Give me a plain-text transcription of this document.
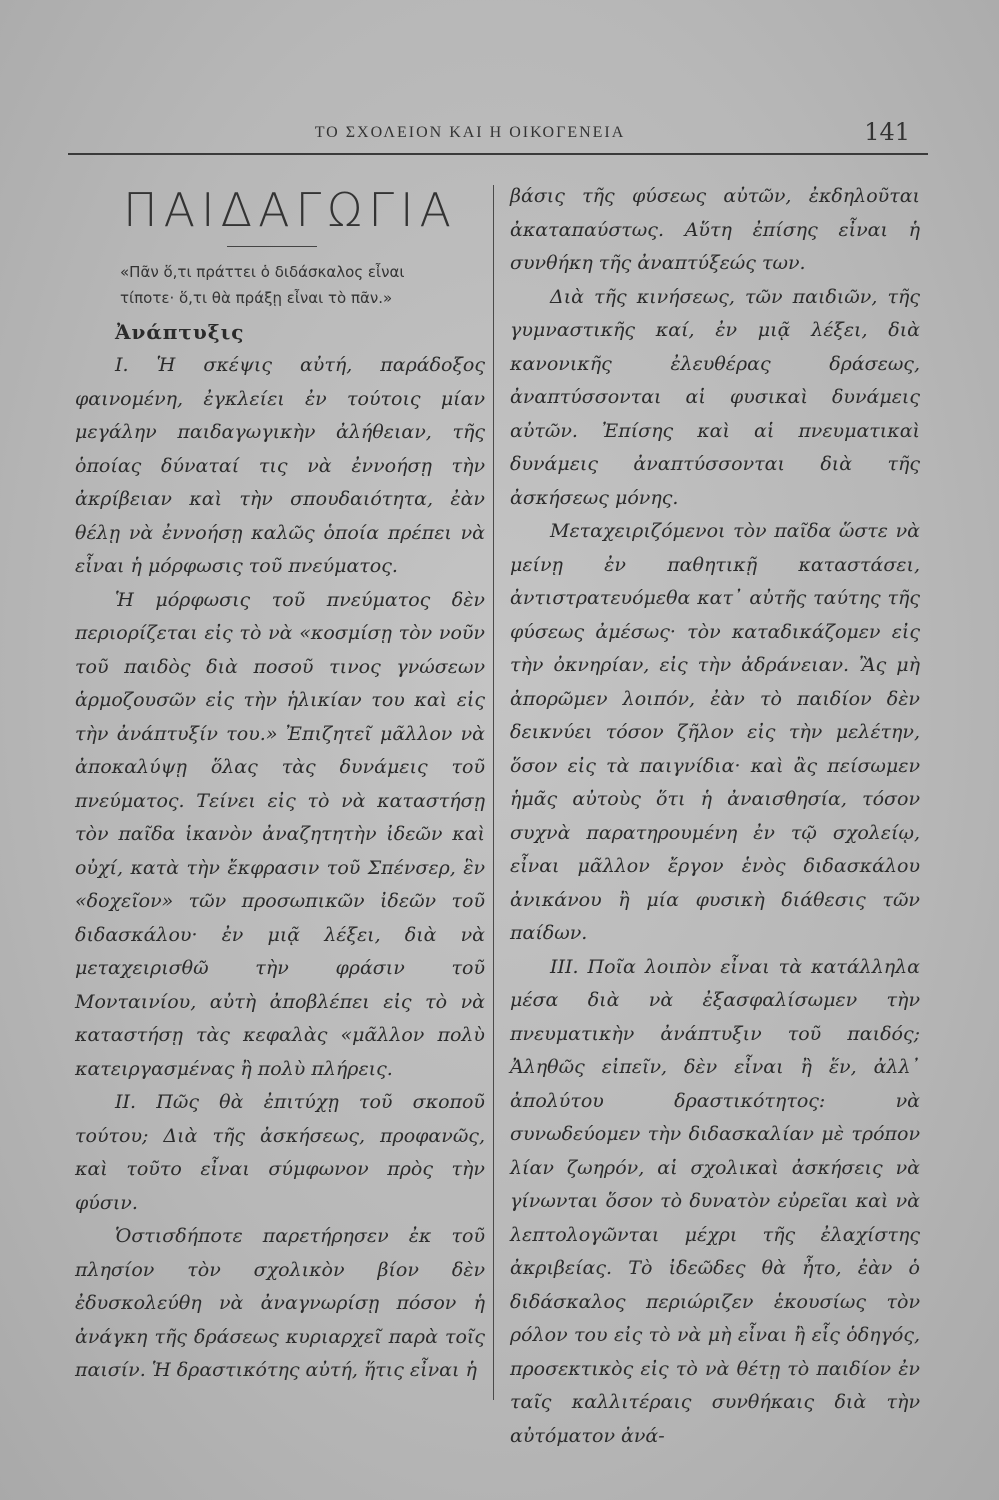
ΤΟ ΣΧΟΛΕΙΟΝ ΚΑΙ Η ΟΙΚΟΓΕΝΕΙΑ	141
ΠΑΙΔΑΓΩΓΙΑ
«Πᾶν ὅ,τι πράττει ὁ διδάσκαλος εἶναι
τίποτε· ὅ,τι θὰ πράξῃ εἶναι τὸ πᾶν.»
Ἀνάπτυξις

I. Ἡ σκέψις αὐτή, παράδοξος φαινομένη, ἐγκλείει ἐν τούτοις μίαν μεγάλην παιδαγωγικὴν ἀλήθειαν, τῆς ὁποίας δύναταί τις νὰ ἐννοήσῃ τὴν ἀκρίβειαν καὶ τὴν σπουδαιότητα, ἐὰν θέλῃ νὰ ἐννοήσῃ καλῶς ὁποία πρέπει νὰ εἶναι ἡ μόρφωσις τοῦ πνεύματος.

Ἡ μόρφωσις τοῦ πνεύματος δὲν περιορίζεται εἰς τὸ νὰ «κοσμίσῃ τὸν νοῦν τοῦ παιδὸς διὰ ποσοῦ τινος γνώσεων ἁρμοζουσῶν εἰς τὴν ἡλικίαν του καὶ εἰς τὴν ἀνάπτυξίν του.» Ἐπιζητεῖ μᾶλλον νὰ ἀποκαλύψῃ ὅλας τὰς δυνάμεις τοῦ πνεύματος. Τείνει εἰς τὸ νὰ καταστήσῃ τὸν παῖδα ἱκανὸν ἀναζητητὴν ἰδεῶν καὶ οὐχί, κατὰ τὴν ἔκφρασιν τοῦ Σπένσερ, ἓν «δοχεῖον» τῶν προσωπικῶν ἰδεῶν τοῦ διδασκάλου· ἐν μιᾷ λέξει, διὰ νὰ μεταχειρισθῶ τὴν φράσιν τοῦ Μονταινίου, αὐτὴ ἀποβλέπει εἰς τὸ νὰ καταστήσῃ τὰς κεφαλὰς «μᾶλλον πολὺ κατειργασμένας ἢ πολὺ πλήρεις.

II. Πῶς θὰ ἐπιτύχῃ τοῦ σκοποῦ τούτου; Διὰ τῆς ἀσκήσεως, προφανῶς, καὶ τοῦτο εἶναι σύμφωνον πρὸς τὴν φύσιν.

Ὁστισδήποτε παρετήρησεν ἐκ τοῦ πλησίον τὸν σχολικὸν βίον δὲν ἐδυσκολεύθη νὰ ἀναγνωρίσῃ πόσον ἡ ἀνάγκη τῆς δράσεως κυριαρχεῖ παρὰ τοῖς παισίν. Ἡ δραστικότης αὐτή, ἥτις εἶναι ἡ

βάσις τῆς φύσεως αὐτῶν, ἐκδηλοῦται ἀκαταπαύστως. Αὕτη ἐπίσης εἶναι ἡ συνθήκη τῆς ἀναπτύξεώς των.

Διὰ τῆς κινήσεως, τῶν παιδιῶν, τῆς γυμναστικῆς καί, ἐν μιᾷ λέξει, διὰ κανονικῆς ἐλευθέρας δράσεως, ἀναπτύσσονται αἱ φυσικαὶ δυνάμεις αὐτῶν. Ἐπίσης καὶ αἱ πνευματικαὶ δυνάμεις ἀναπτύσσονται διὰ τῆς ἀσκήσεως μόνης.

Μεταχειριζόμενοι τὸν παῖδα ὥστε νὰ μείνῃ ἐν παθητικῇ καταστάσει, ἀντιστρατευόμεθα κατ᾽ αὐτῆς ταύτης τῆς φύσεως ἀμέσως· τὸν καταδικάζομεν εἰς τὴν ὀκνηρίαν, εἰς τὴν ἀδράνειαν. Ἂς μὴ ἀπορῶμεν λοιπόν, ἐὰν τὸ παιδίον δὲν δεικνύει τόσον ζῆλον εἰς τὴν μελέτην, ὅσον εἰς τὰ παιγνίδια· καὶ ἂς πείσωμεν ἡμᾶς αὐτοὺς ὅτι ἡ ἀναισθησία, τόσον συχνὰ παρατηρουμένη ἐν τῷ σχολείῳ, εἶναι μᾶλλον ἔργον ἑνὸς διδασκάλου ἀνικάνου ἢ μία φυσικὴ διάθεσις τῶν παίδων.

III. Ποῖα λοιπὸν εἶναι τὰ κατάλληλα μέσα διὰ νὰ ἐξασφαλίσωμεν τὴν πνευματικὴν ἀνάπτυξιν τοῦ παιδός; Ἀληθῶς εἰπεῖν, δὲν εἶναι ἢ ἕν, ἀλλ᾽ ἀπολύτου δραστικότητος: νὰ συνωδεύομεν τὴν διδασκαλίαν μὲ τρόπον λίαν ζωηρόν, αἱ σχολικαὶ ἀσκήσεις νὰ γίνωνται ὅσον τὸ δυνατὸν εὐρεῖαι καὶ νὰ λεπτολογῶνται μέχρι τῆς ἐλαχίστης ἀκριβείας. Τὸ ἰδεῶδες θὰ ἦτο, ἐὰν ὁ διδάσκαλος περιώριζεν ἑκουσίως τὸν ρόλον του εἰς τὸ νὰ μὴ εἶναι ἢ εἷς ὁδηγός, προσεκτικὸς εἰς τὸ νὰ θέτῃ τὸ παιδίον ἐν ταῖς καλλιτέραις συνθήκαις διὰ τὴν αὐτόματον ἀνά-
